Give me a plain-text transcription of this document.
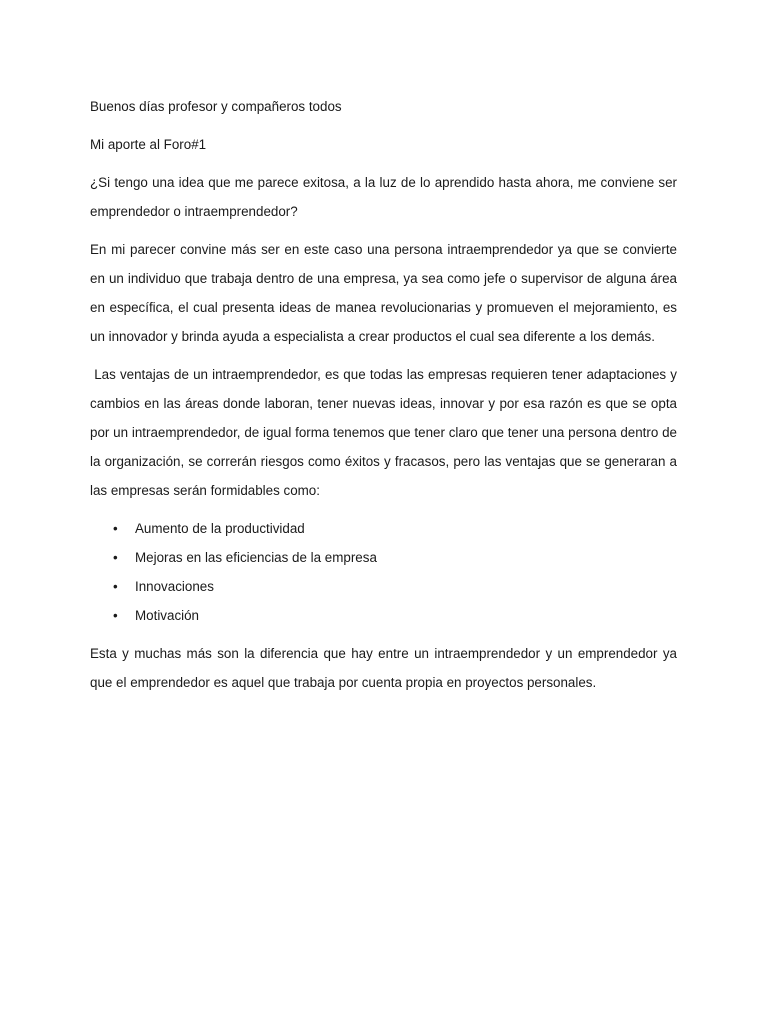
Buenos días profesor y compañeros todos

Mi aporte al Foro#1

¿Si tengo una idea que me parece exitosa, a la luz de lo aprendido hasta ahora, me conviene ser emprendedor o intraemprendedor?

En mi parecer convine más ser en este caso una persona intraemprendedor ya que se convierte en un individuo que trabaja dentro de una empresa, ya sea como jefe o supervisor de alguna área en específica, el cual presenta ideas de manea revolucionarias y promueven el mejoramiento, es un innovador y brinda ayuda a especialista a crear productos el cual sea diferente a los demás.

Las ventajas de un intraemprendedor, es que todas las empresas requieren tener adaptaciones y cambios en las áreas donde laboran, tener nuevas ideas, innovar y por esa razón es que se opta por un intraemprendedor, de igual forma tenemos que tener claro que tener una persona dentro de la organización, se correrán riesgos como éxitos y fracasos, pero las ventajas que se generaran a las empresas serán formidables como:

• Aumento de la productividad
• Mejoras en las eficiencias de la empresa
• Innovaciones
• Motivación

Esta y muchas más son la diferencia que hay entre un intraemprendedor y un emprendedor ya que el emprendedor es aquel que trabaja por cuenta propia en proyectos personales.
